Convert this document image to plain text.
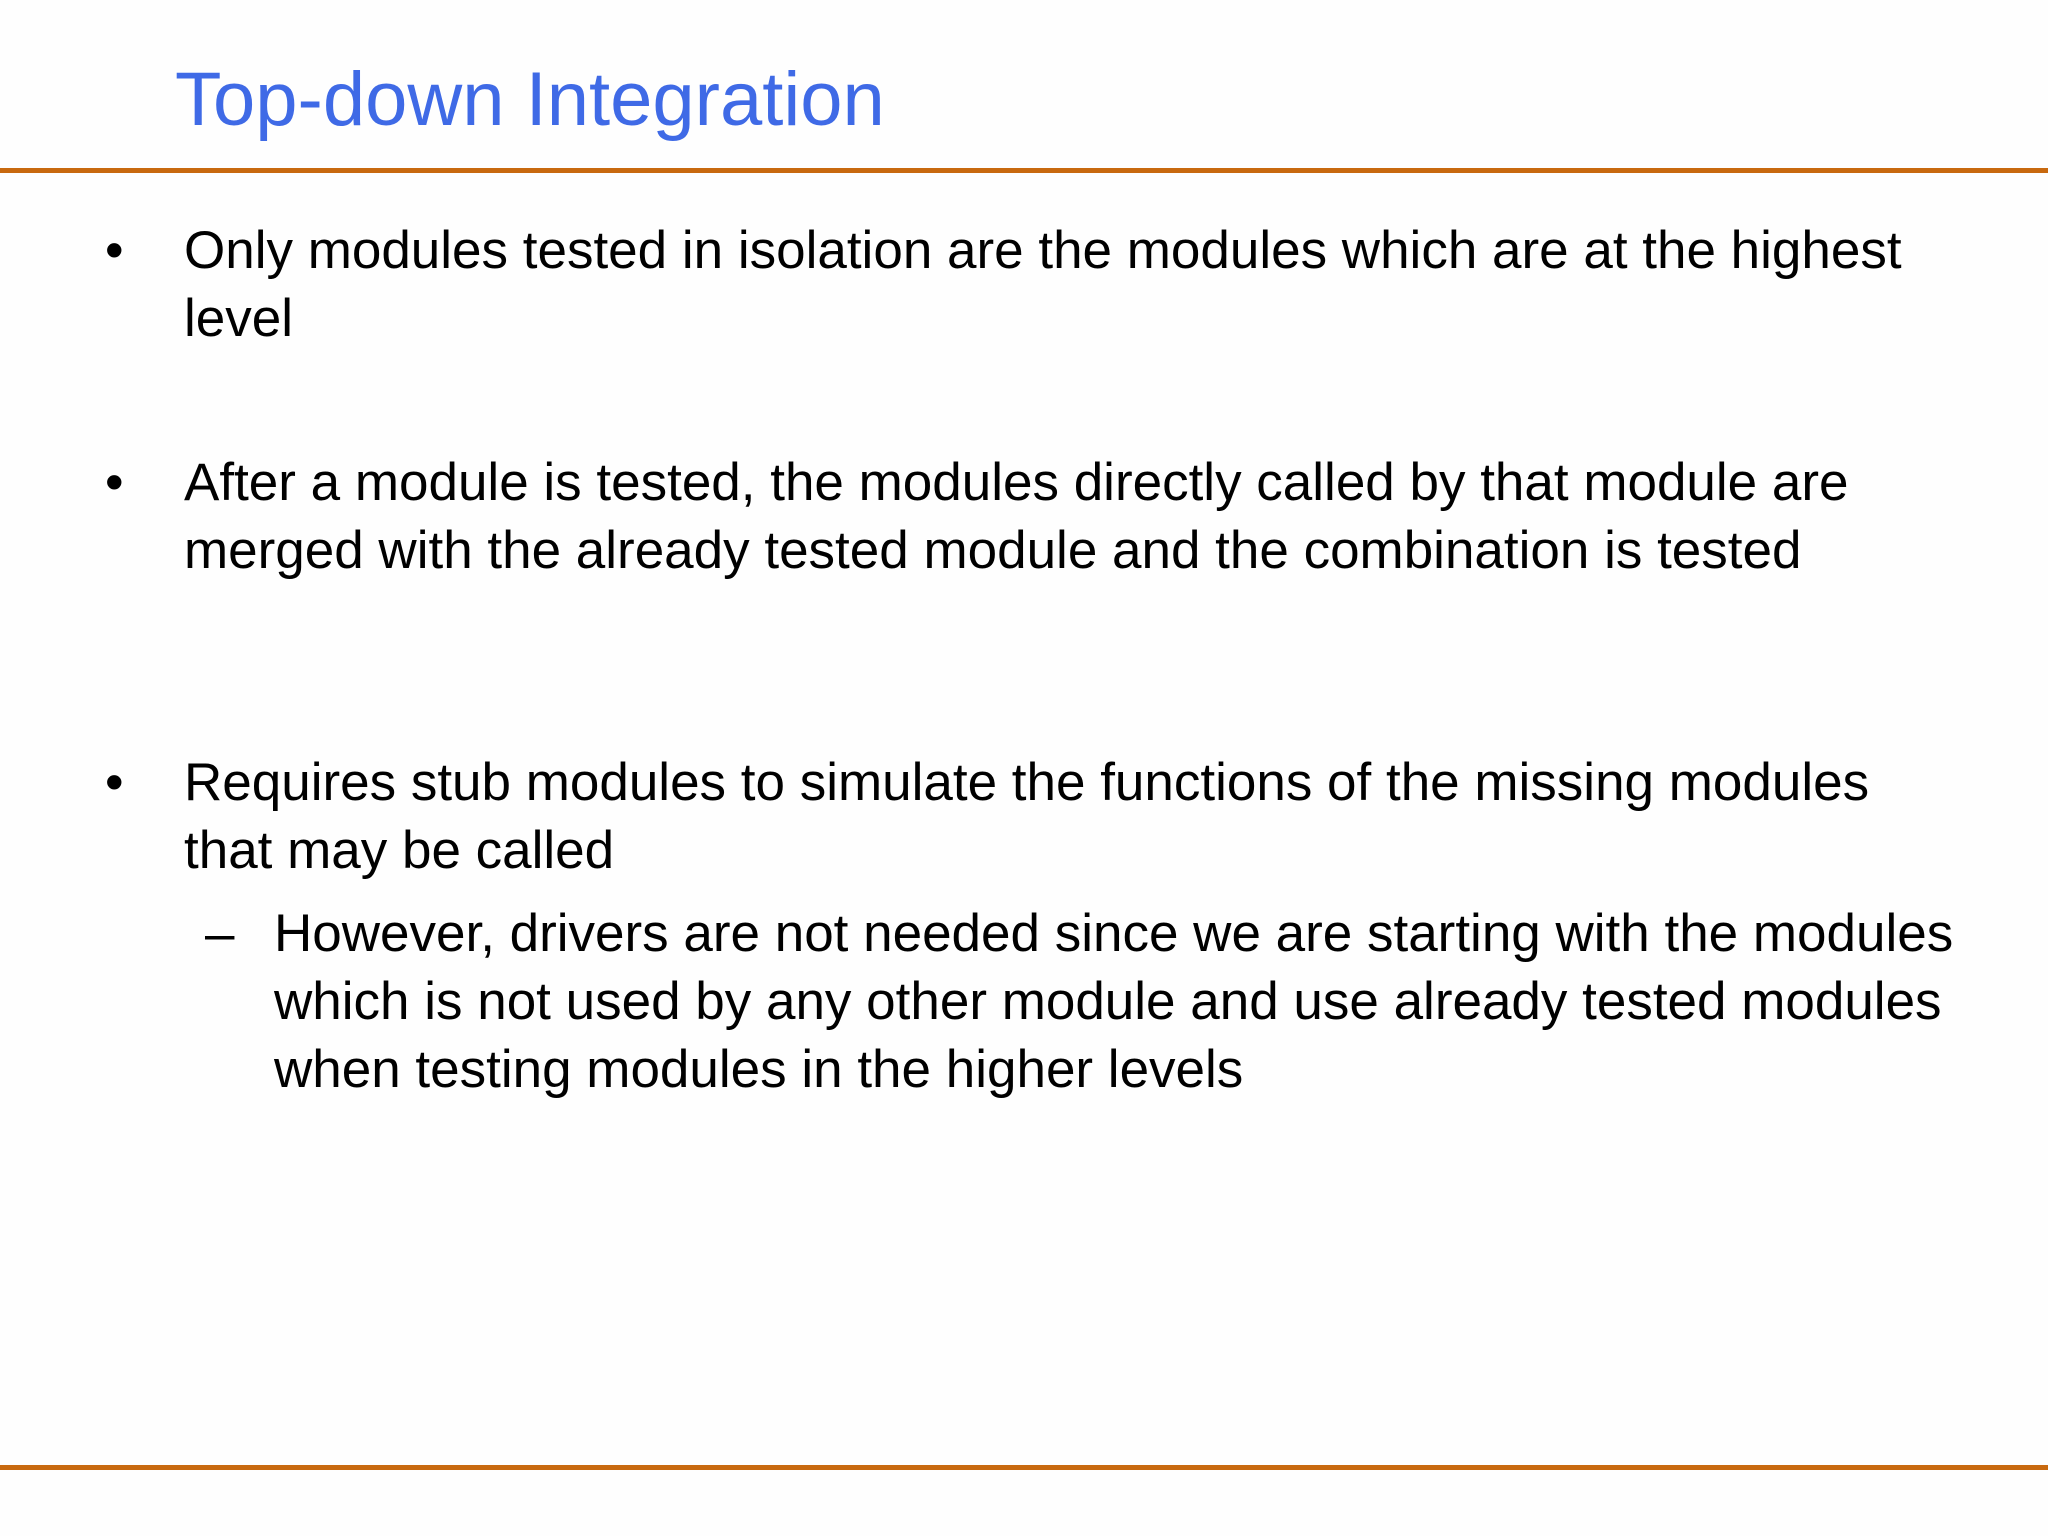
Top-down Integration
• Only modules tested in isolation are the modules which are at the highest level

• After a module is tested, the modules directly called by that module are merged with the already tested module and the combination is tested

• Requires stub modules to simulate the functions of the missing modules that may be called

– However, drivers are not needed since we are starting with the modules which is not used by any other module and use already tested modules when testing modules in the higher levels
